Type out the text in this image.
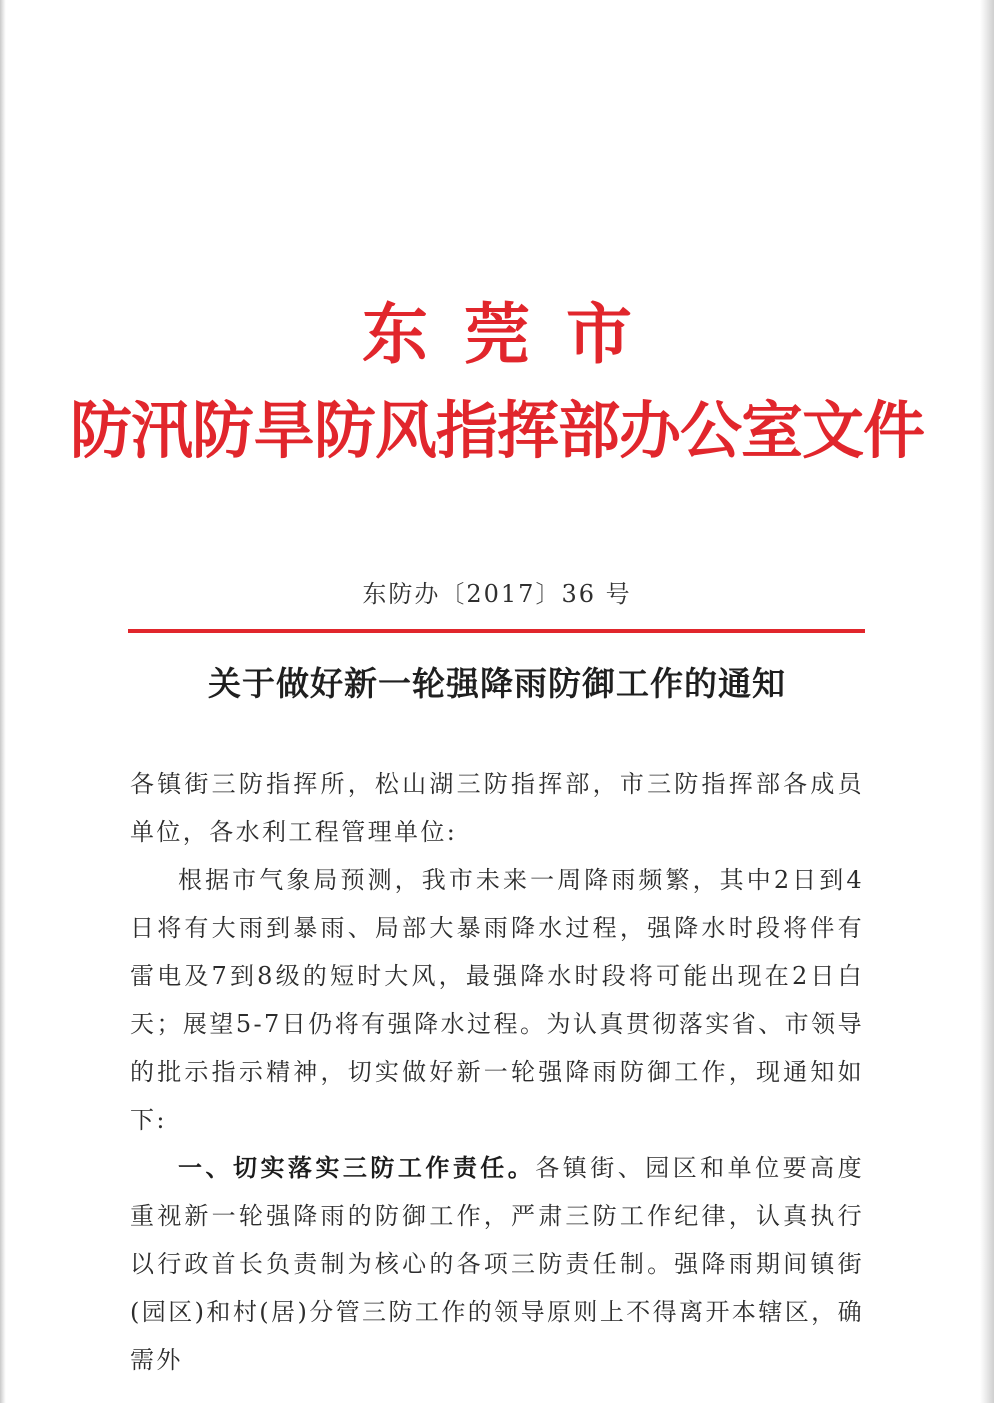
东莞市
防汛防旱防风指挥部办公室文件
东防办〔2017〕36 号
关于做好新一轮强降雨防御工作的通知

各镇街三防指挥所，松山湖三防指挥部，市三防指挥部各成员单位，各水利工程管理单位:

根据市气象局预测，我市未来一周降雨频繁，其中2日到4日将有大雨到暴雨、局部大暴雨降水过程，强降水时段将伴有雷电及7到8级的短时大风，最强降水时段将可能出现在2日白天；展望5-7日仍将有强降水过程。为认真贯彻落实省、市领导的批示指示精神，切实做好新一轮强降雨防御工作，现通知如下:

一、切实落实三防工作责任。各镇街、园区和单位要高度重视新一轮强降雨的防御工作，严肃三防工作纪律，认真执行以行政首长负责制为核心的各项三防责任制。强降雨期间镇街(园区)和村(居)分管三防工作的领导原则上不得离开本辖区，确需外
